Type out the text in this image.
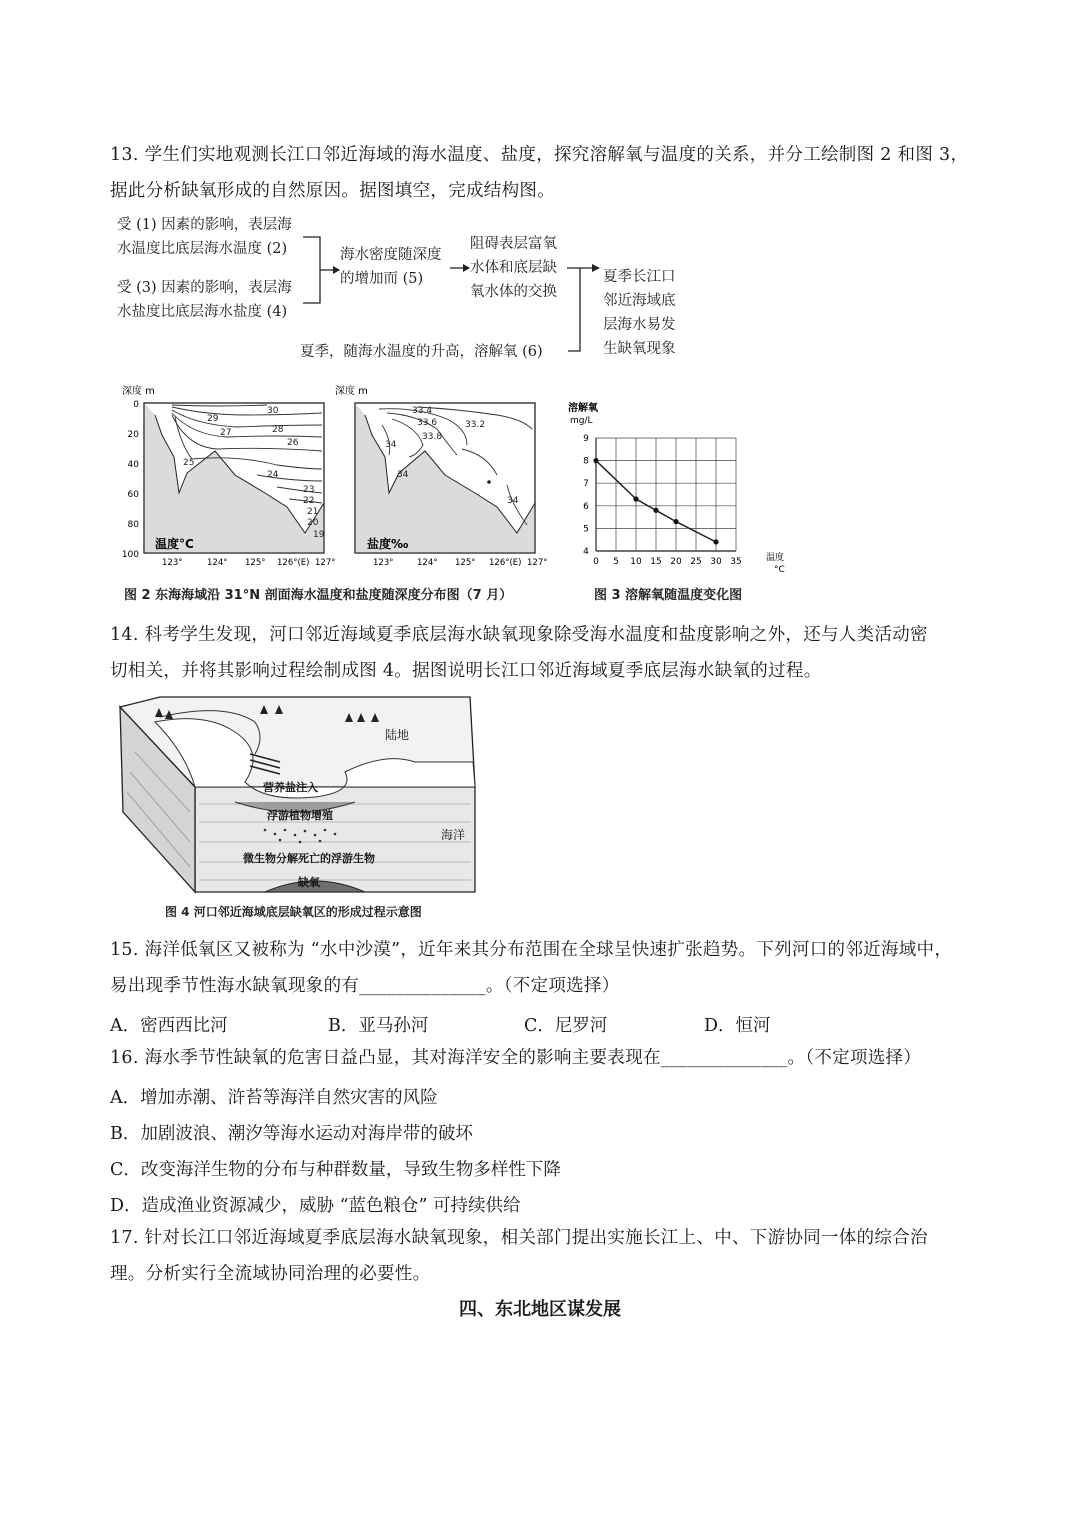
13. 学生们实地观测长江口邻近海域的海水温度、盐度，探究溶解氧与温度的关系，并分工绘制图 2 和图 3，
据此分析缺氧形成的自然原因。据图填空，完成结构图。
受 (1) 因素的影响，表层海
水温度比底层海水温度 (2)
受 (3) 因素的影响，表层海
水盐度比底层海水盐度 (4)
海水密度随深度
的增加而 (5)
阻碍表层富氧
水体和底层缺
氧水体的交换
夏季长江口
邻近海域底
层海水易发
生缺氧现象
夏季，随海水温度的升高，溶解氧 (6)
深度 m
0
20
40
60
80
100
30
29
28
27
26
25
24
23
22
21
20
19
温度°C
123°	124° 125° 126°(E) 127°
深度 m
33.4
33.6
33.8
33.2
34
34
34
盐度‰
123°	124° 125° 126°(E) 127°
溶解氧
mg/L
温度
°C
0 5 10 15 20 25 30 35
4
5
6
7
8
9
图 2 东海海域沿 31°N 剖面海水温度和盐度随深度分布图（7 月）	图 3 溶解氧随温度变化图
14. 科考学生发现，河口邻近海域夏季底层海水缺氧现象除受海水温度和盐度影响之外，还与人类活动密
切相关，并将其影响过程绘制成图 4。据图说明长江口邻近海域夏季底层海水缺氧的过程。
陆地
营养盐注入
浮游植物增殖
海洋
微生物分解死亡的浮游生物
缺氧
图 4 河口邻近海域底层缺氧区的形成过程示意图
15. 海洋低氧区又被称为 “水中沙漠”，近年来其分布范围在全球呈快速扩张趋势。下列河口的邻近海域中，
易出现季节性海水缺氧现象的有______________。（不定项选择）
A．密西西比河	B．亚马孙河	C．尼罗河	D．恒河
16. 海水季节性缺氧的危害日益凸显，其对海洋安全的影响主要表现在______________。（不定项选择）
A．增加赤潮、浒苔等海洋自然灾害的风险
B．加剧波浪、潮汐等海水运动对海岸带的破坏
C．改变海洋生物的分布与种群数量，导致生物多样性下降
D．造成渔业资源减少，威胁 “蓝色粮仓” 可持续供给
17. 针对长江口邻近海域夏季底层海水缺氧现象，相关部门提出实施长江上、中、下游协同一体的综合治
理。分析实行全流域协同治理的必要性。
四、东北地区谋发展
